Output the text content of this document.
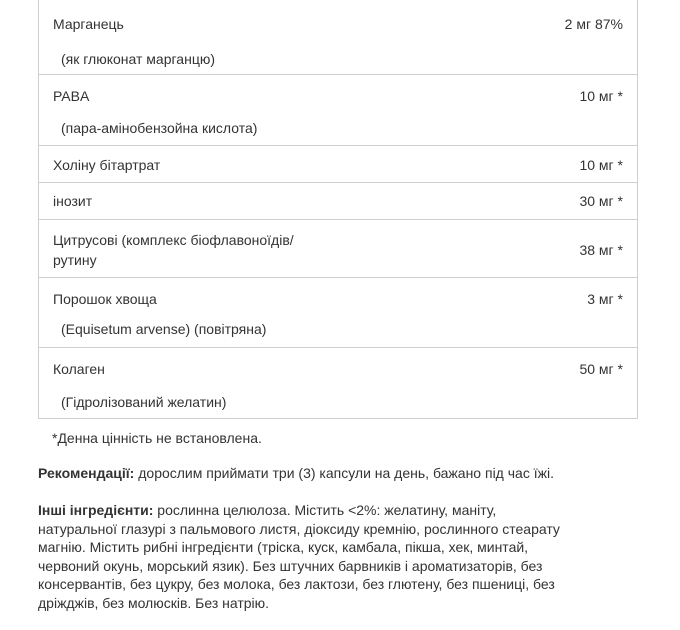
Марганець
(як глюконат марганцю)
2 мг 87%
PABA
(пара-амінобензойна кислота)
10 мг *
Холіну бітартрат	10 мг *
інозит	30 мг *
Цитрусові (комплекс біофлавоноїдів/
рутину
38 мг *
Порошок хвоща
(Equisetum arvense) (повітряна)
3 мг *
Колаген
(Гідролізований желатин)
50 мг *
*Денна цінність не встановлена.
Рекомендації: дорослим приймати три (3) капсули на день, бажано під час їжі.
Інші інгредієнти: рослинна целюлоза. Містить <2%: желатину, маніту,
натуральної глазурі з пальмового листя, діоксиду кремнію, рослинного стеарату
магнію. Містить рибні інгредієнти (тріска, куск, камбала, пікша, хек, минтай,
червоний окунь, морський язик). Без штучних барвників і ароматизаторів, без
консервантів, без цукру, без молока, без лактози, без глютену, без пшениці, без
дріжджів, без молюсків. Без натрію.
